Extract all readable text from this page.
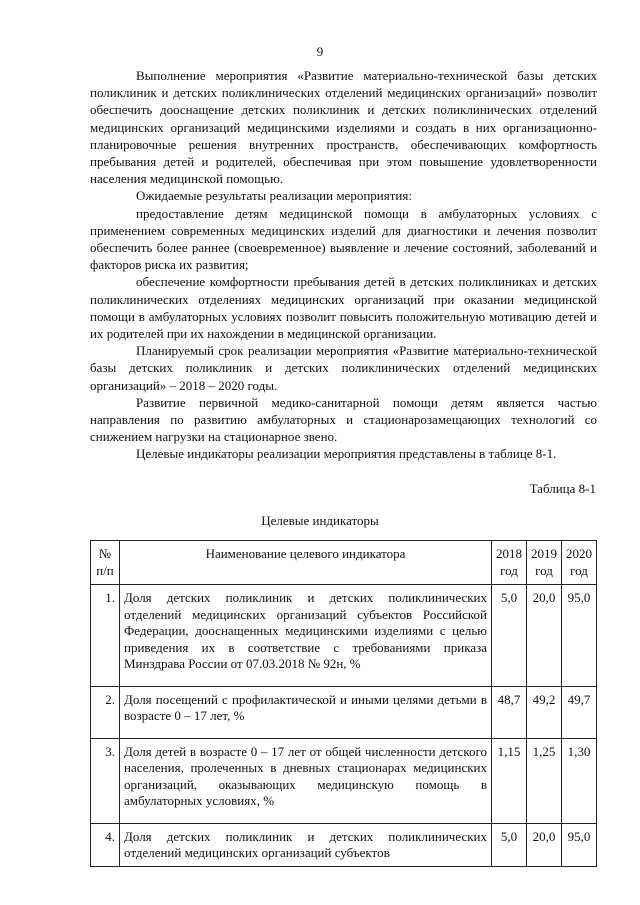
9

Выполнение мероприятия «Развитие материально-технической базы детских поликлиник и детских поликлинических отделений медицинских организаций» позволит обеспечить дооснащение детских поликлиник и детских поликлинических отделений медицинских организаций медицинскими изделиями и создать в них организационно-планировочные решения внутренних пространств, обеспечивающих комфортность пребывания детей и родителей, обеспечивая при этом повышение удовлетворенности населения медицинской помощью.

Ожидаемые результаты реализации мероприятия:

предоставление детям медицинской помощи в амбулаторных условиях с применением современных медицинских изделий для диагностики и лечения позволит обеспечить более раннее (своевременное) выявление и лечение состояний, заболеваний и факторов риска их развития;

обеспечение комфортности пребывания детей в детских поликлиниках и детских поликлинических отделениях медицинских организаций при оказании медицинской помощи в амбулаторных условиях позволит повысить положительную мотивацию детей и их родителей при их нахождении в медицинской организации.

Планируемый срок реализации мероприятия «Развитие материально-технической базы детских поликлиник и детских поликлинических отделений медицинских организаций» – 2018 – 2020 годы.

Развитие первичной медико-санитарной помощи детям является частью направления по развитию амбулаторных и стационарозамещающих технологий со снижением нагрузки на стационарное звено.

Целевые индикаторы реализации мероприятия представлены в таблице 8-1.

Таблица 8-1
Целевые индикаторы
№ п/п	Наименование целевого индикатора	2018 год	2019 год	2020 год
1.	Доля детских поликлиник и детских поликлинических отделений медицинских организаций субъектов Российской Федерации, дооснащенных медицинскими изделиями с целью приведения их в соответствие с требованиями приказа Минздрава России от 07.03.2018 № 92н, %	5,0	20,0	95,0
2.	Доля посещений с профилактической и иными целями детьми в возрасте 0 – 17 лет, %	48,7	49,2	49,7
3.	Доля детей в возрасте 0 – 17 лет от общей численности детского населения, пролеченных в дневных стационарах медицинских организаций, оказывающих медицинскую помощь в амбулаторных условиях, %	1,15	1,25	1,30
4.	Доля детских поликлиник и детских поликлинических отделений медицинских организаций субъектов	5,0	20,0	95,0
